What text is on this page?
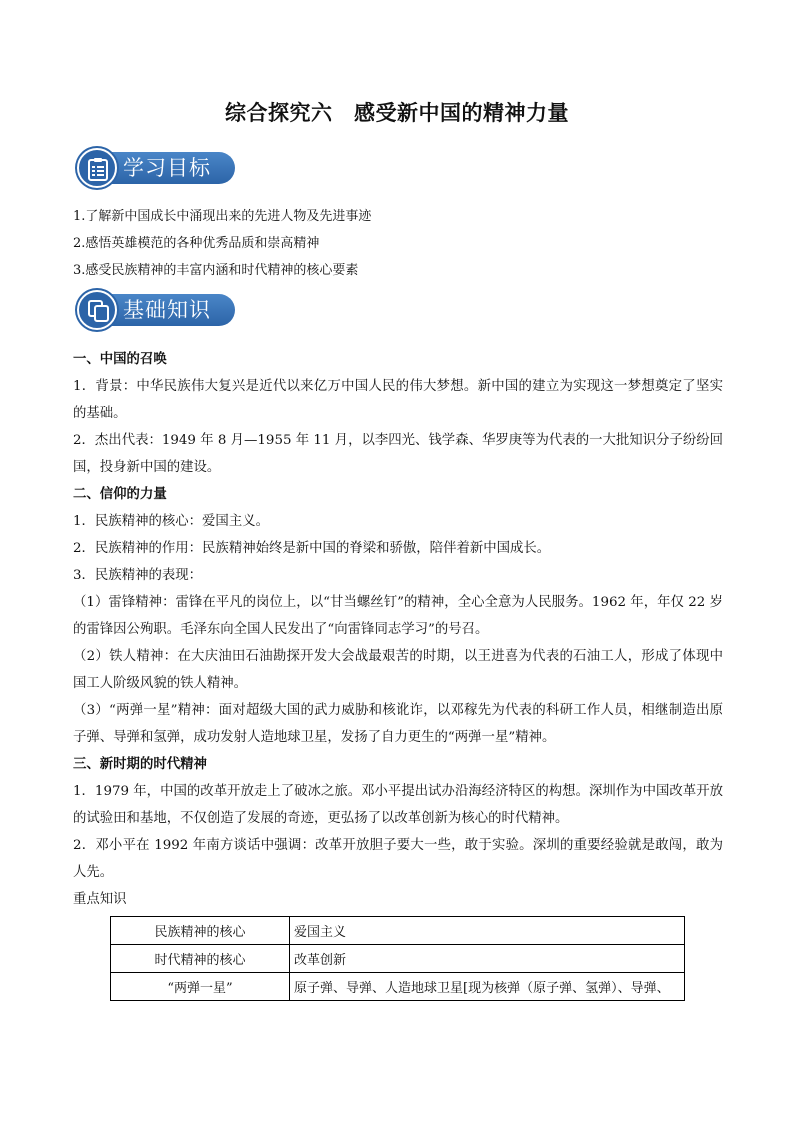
综合探究六　感受新中国的精神力量
学习目标
1.了解新中国成长中涌现出来的先进人物及先进事迹
2.感悟英雄模范的各种优秀品质和崇高精神
3.感受民族精神的丰富内涵和时代精神的核心要素
基础知识

一、中国的召唤

1．背景：中华民族伟大复兴是近代以来亿万中国人民的伟大梦想。新中国的建立为实现这一梦想奠定了坚实的基础。

2．杰出代表：1949 年 8 月—1955 年 11 月，以李四光、钱学森、华罗庚等为代表的一大批知识分子纷纷回国，投身新中国的建设。

二、信仰的力量

1．民族精神的核心：爱国主义。

2．民族精神的作用：民族精神始终是新中国的脊梁和骄傲，陪伴着新中国成长。

3．民族精神的表现：

（1）雷锋精神：雷锋在平凡的岗位上，以“甘当螺丝钉”的精神，全心全意为人民服务。1962 年，年仅 22 岁的雷锋因公殉职。毛泽东向全国人民发出了“向雷锋同志学习”的号召。

（2）铁人精神：在大庆油田石油勘探开发大会战最艰苦的时期，以王进喜为代表的石油工人，形成了体现中国工人阶级风貌的铁人精神。

（3）“两弹一星”精神：面对超级大国的武力威胁和核讹诈，以邓稼先为代表的科研工作人员，相继制造出原子弹、导弹和氢弹，成功发射人造地球卫星，发扬了自力更生的“两弹一星”精神。

三、新时期的时代精神

1．1979 年，中国的改革开放走上了破冰之旅。邓小平提出试办沿海经济特区的构想。深圳作为中国改革开放的试验田和基地，不仅创造了发展的奇迹，更弘扬了以改革创新为核心的时代精神。

2．邓小平在 1992 年南方谈话中强调：改革开放胆子要大一些，敢于实验。深圳的重要经验就是敢闯，敢为人先。

重点知识

民族精神的核心	爱国主义
时代精神的核心	改革创新
“两弹一星”	原子弹、导弹、人造地球卫星[现为核弹（原子弹、氢弹）、导弹、
